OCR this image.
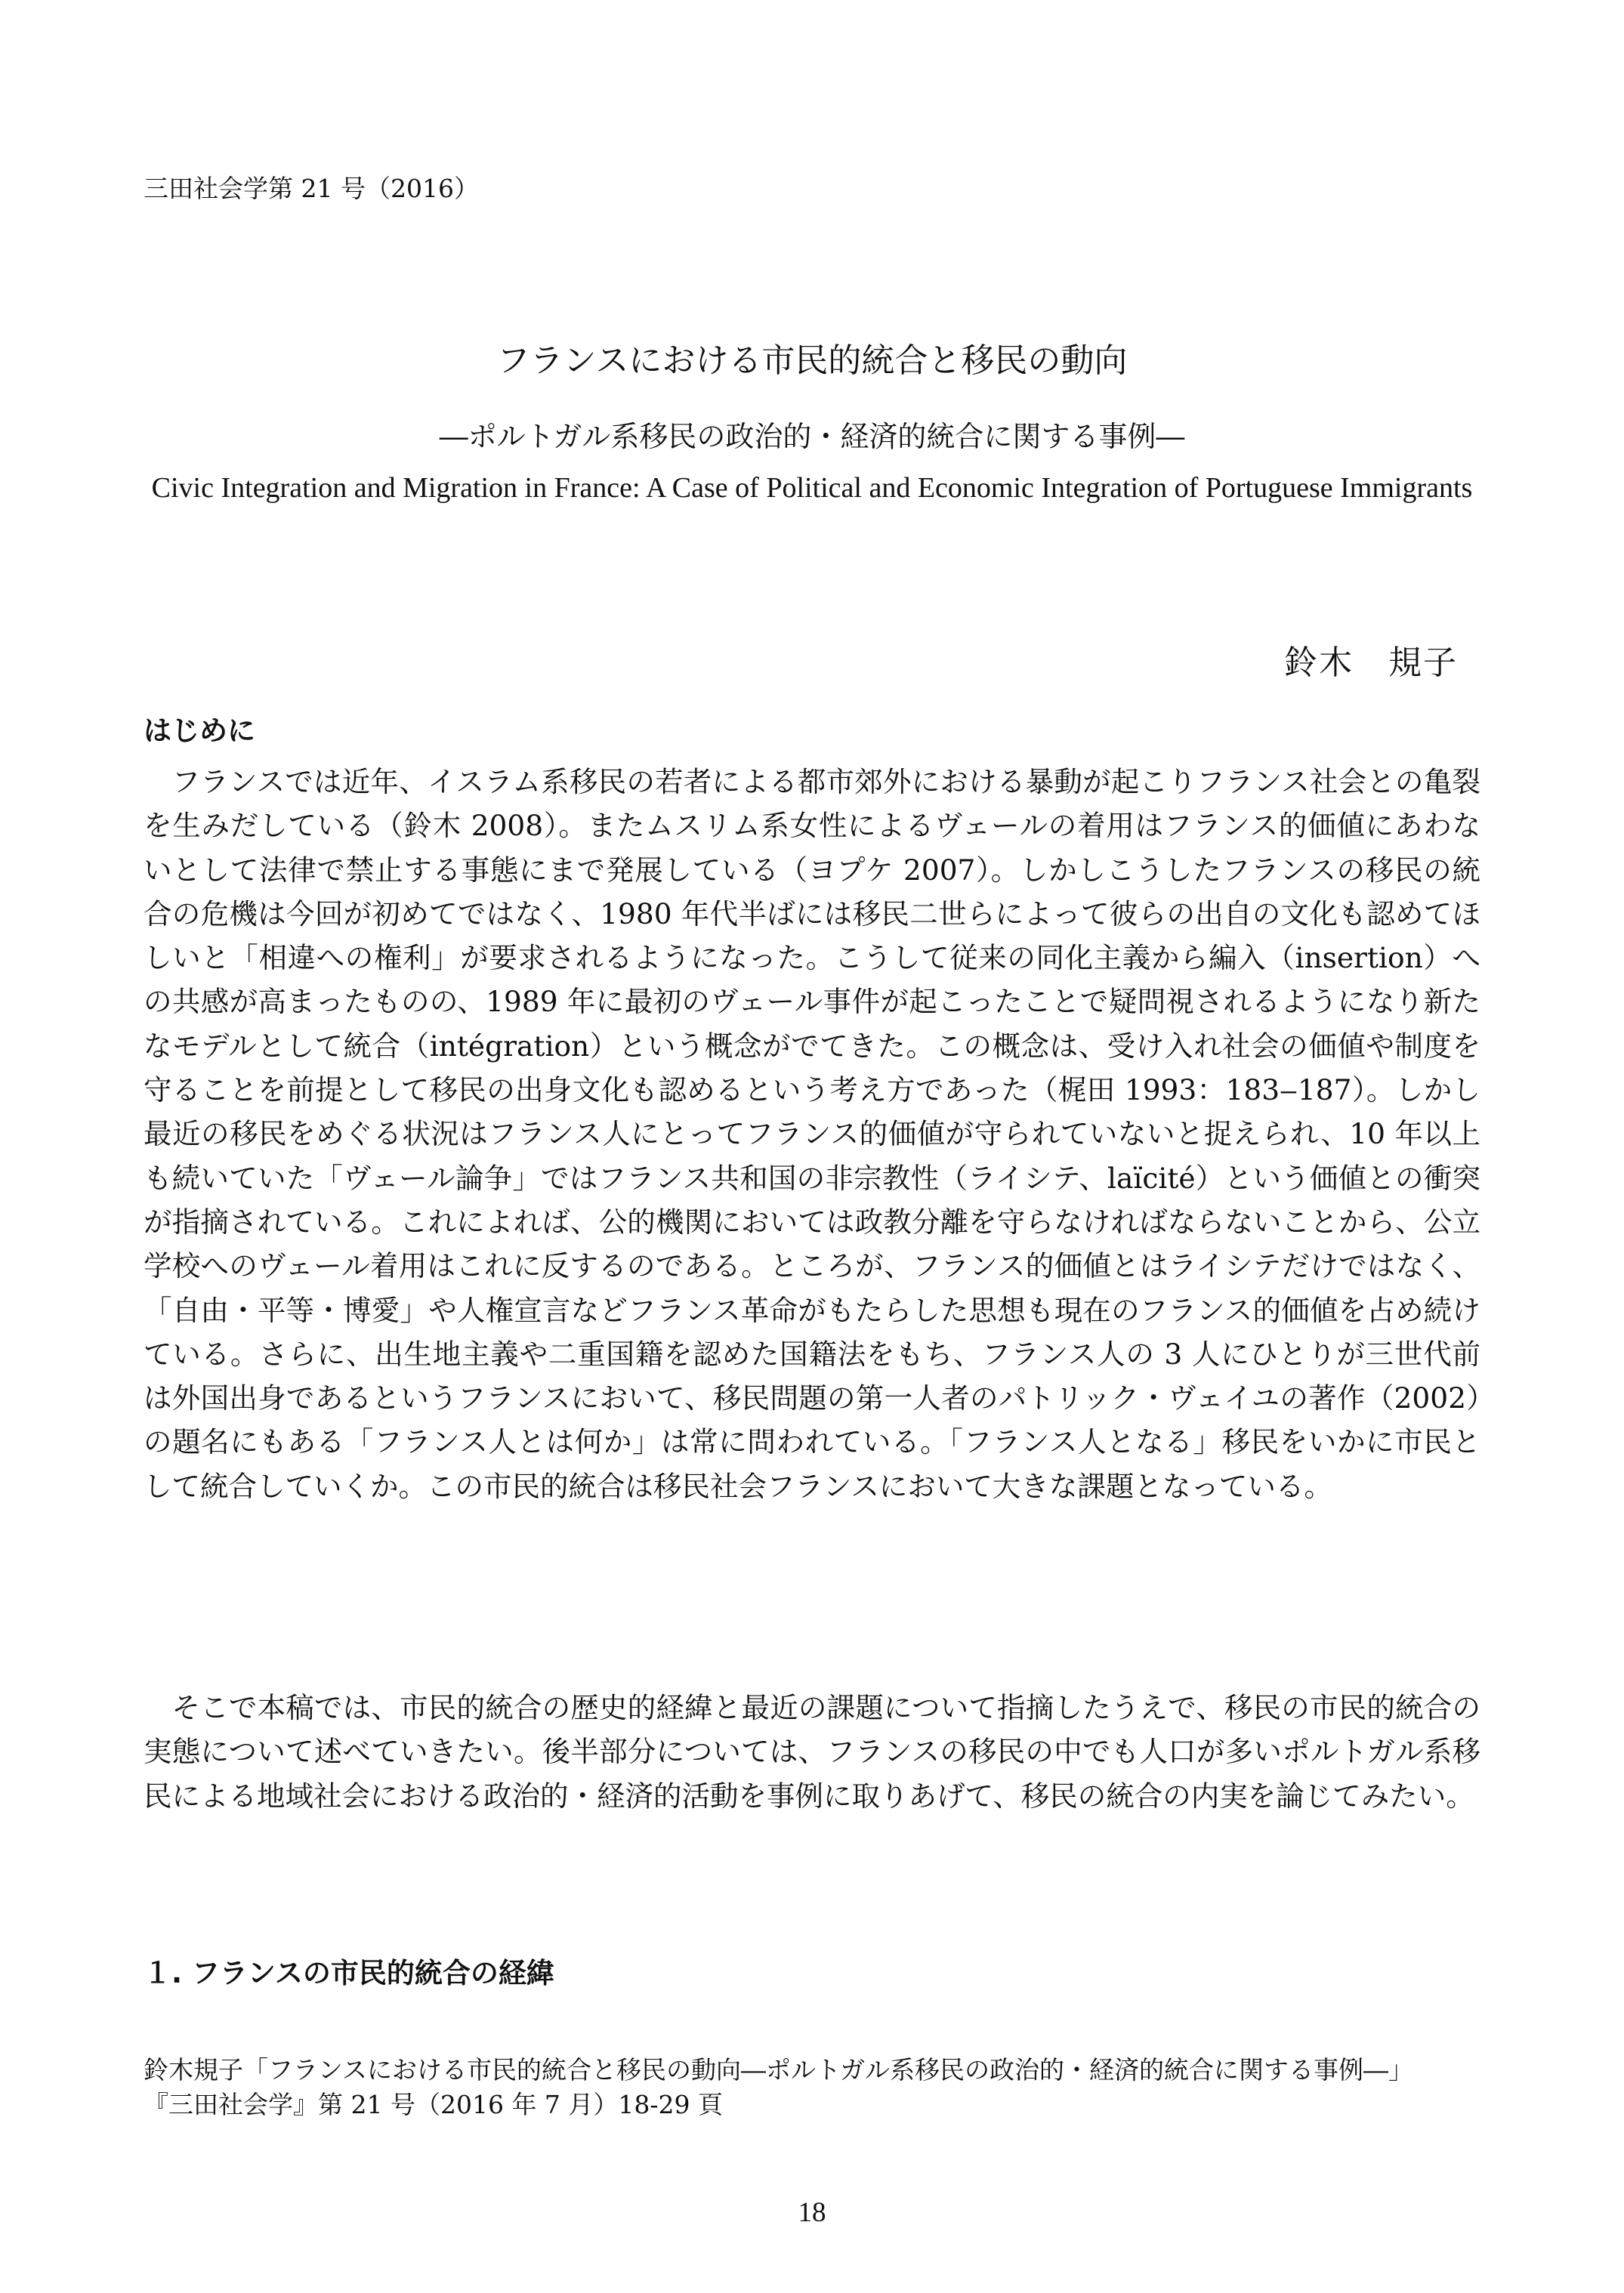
三田社会学第 21 号（2016）
フランスにおける市民的統合と移民の動向
―ポルトガル系移民の政治的・経済的統合に関する事例―
Civic Integration and Migration in France: A Case of Political and Economic Integration of Portuguese Immigrants
鈴木　規子
はじめに

フランスでは近年、イスラム系移民の若者による都市郊外における暴動が起こりフランス社会との亀裂を生みだしている（鈴木 2008）。またムスリム系女性によるヴェールの着用はフランス的価値にあわないとして法律で禁止する事態にまで発展している（ヨプケ 2007）。しかしこうしたフランスの移民の統合の危機は今回が初めてではなく、1980 年代半ばには移民二世らによって彼らの出自の文化も認めてほしいと「相違への権利」が要求されるようになった。こうして従来の同化主義から編入（insertion）への共感が高まったものの、1989 年に最初のヴェール事件が起こったことで疑問視されるようになり新たなモデルとして統合（intégration）という概念がでてきた。この概念は、受け入れ社会の価値や制度を守ることを前提として移民の出身文化も認めるという考え方であった（梶田 1993：183‒187）。しかし最近の移民をめぐる状況はフランス人にとってフランス的価値が守られていないと捉えられ、10 年以上も続いていた「ヴェール論争」ではフランス共和国の非宗教性（ライシテ、laïcité）という価値との衝突が指摘されている。これによれば、公的機関においては政教分離を守らなければならないことから、公立学校へのヴェール着用はこれに反するのである。ところが、フランス的価値とはライシテだけではなく、「自由・平等・博愛」や人権宣言などフランス革命がもたらした思想も現在のフランス的価値を占め続けている。さらに、出生地主義や二重国籍を認めた国籍法をもち、フランス人の 3 人にひとりが三世代前は外国出身であるというフランスにおいて、移民問題の第一人者のパトリック・ヴェイユの著作（2002）の題名にもある「フランス人とは何か」は常に問われている。「フランス人となる」移民をいかに市民として統合していくか。この市民的統合は移民社会フランスにおいて大きな課題となっている。

そこで本稿では、市民的統合の歴史的経緯と最近の課題について指摘したうえで、移民の市民的統合の実態について述べていきたい。後半部分については、フランスの移民の中でも人口が多いポルトガル系移民による地域社会における政治的・経済的活動を事例に取りあげて、移民の統合の内実を論じてみたい。

１. フランスの市民的統合の経緯
鈴木規子「フランスにおける市民的統合と移民の動向―ポルトガル系移民の政治的・経済的統合に関する事例―」
『三田社会学』第 21 号（2016 年 7 月）18-29 頁
18
